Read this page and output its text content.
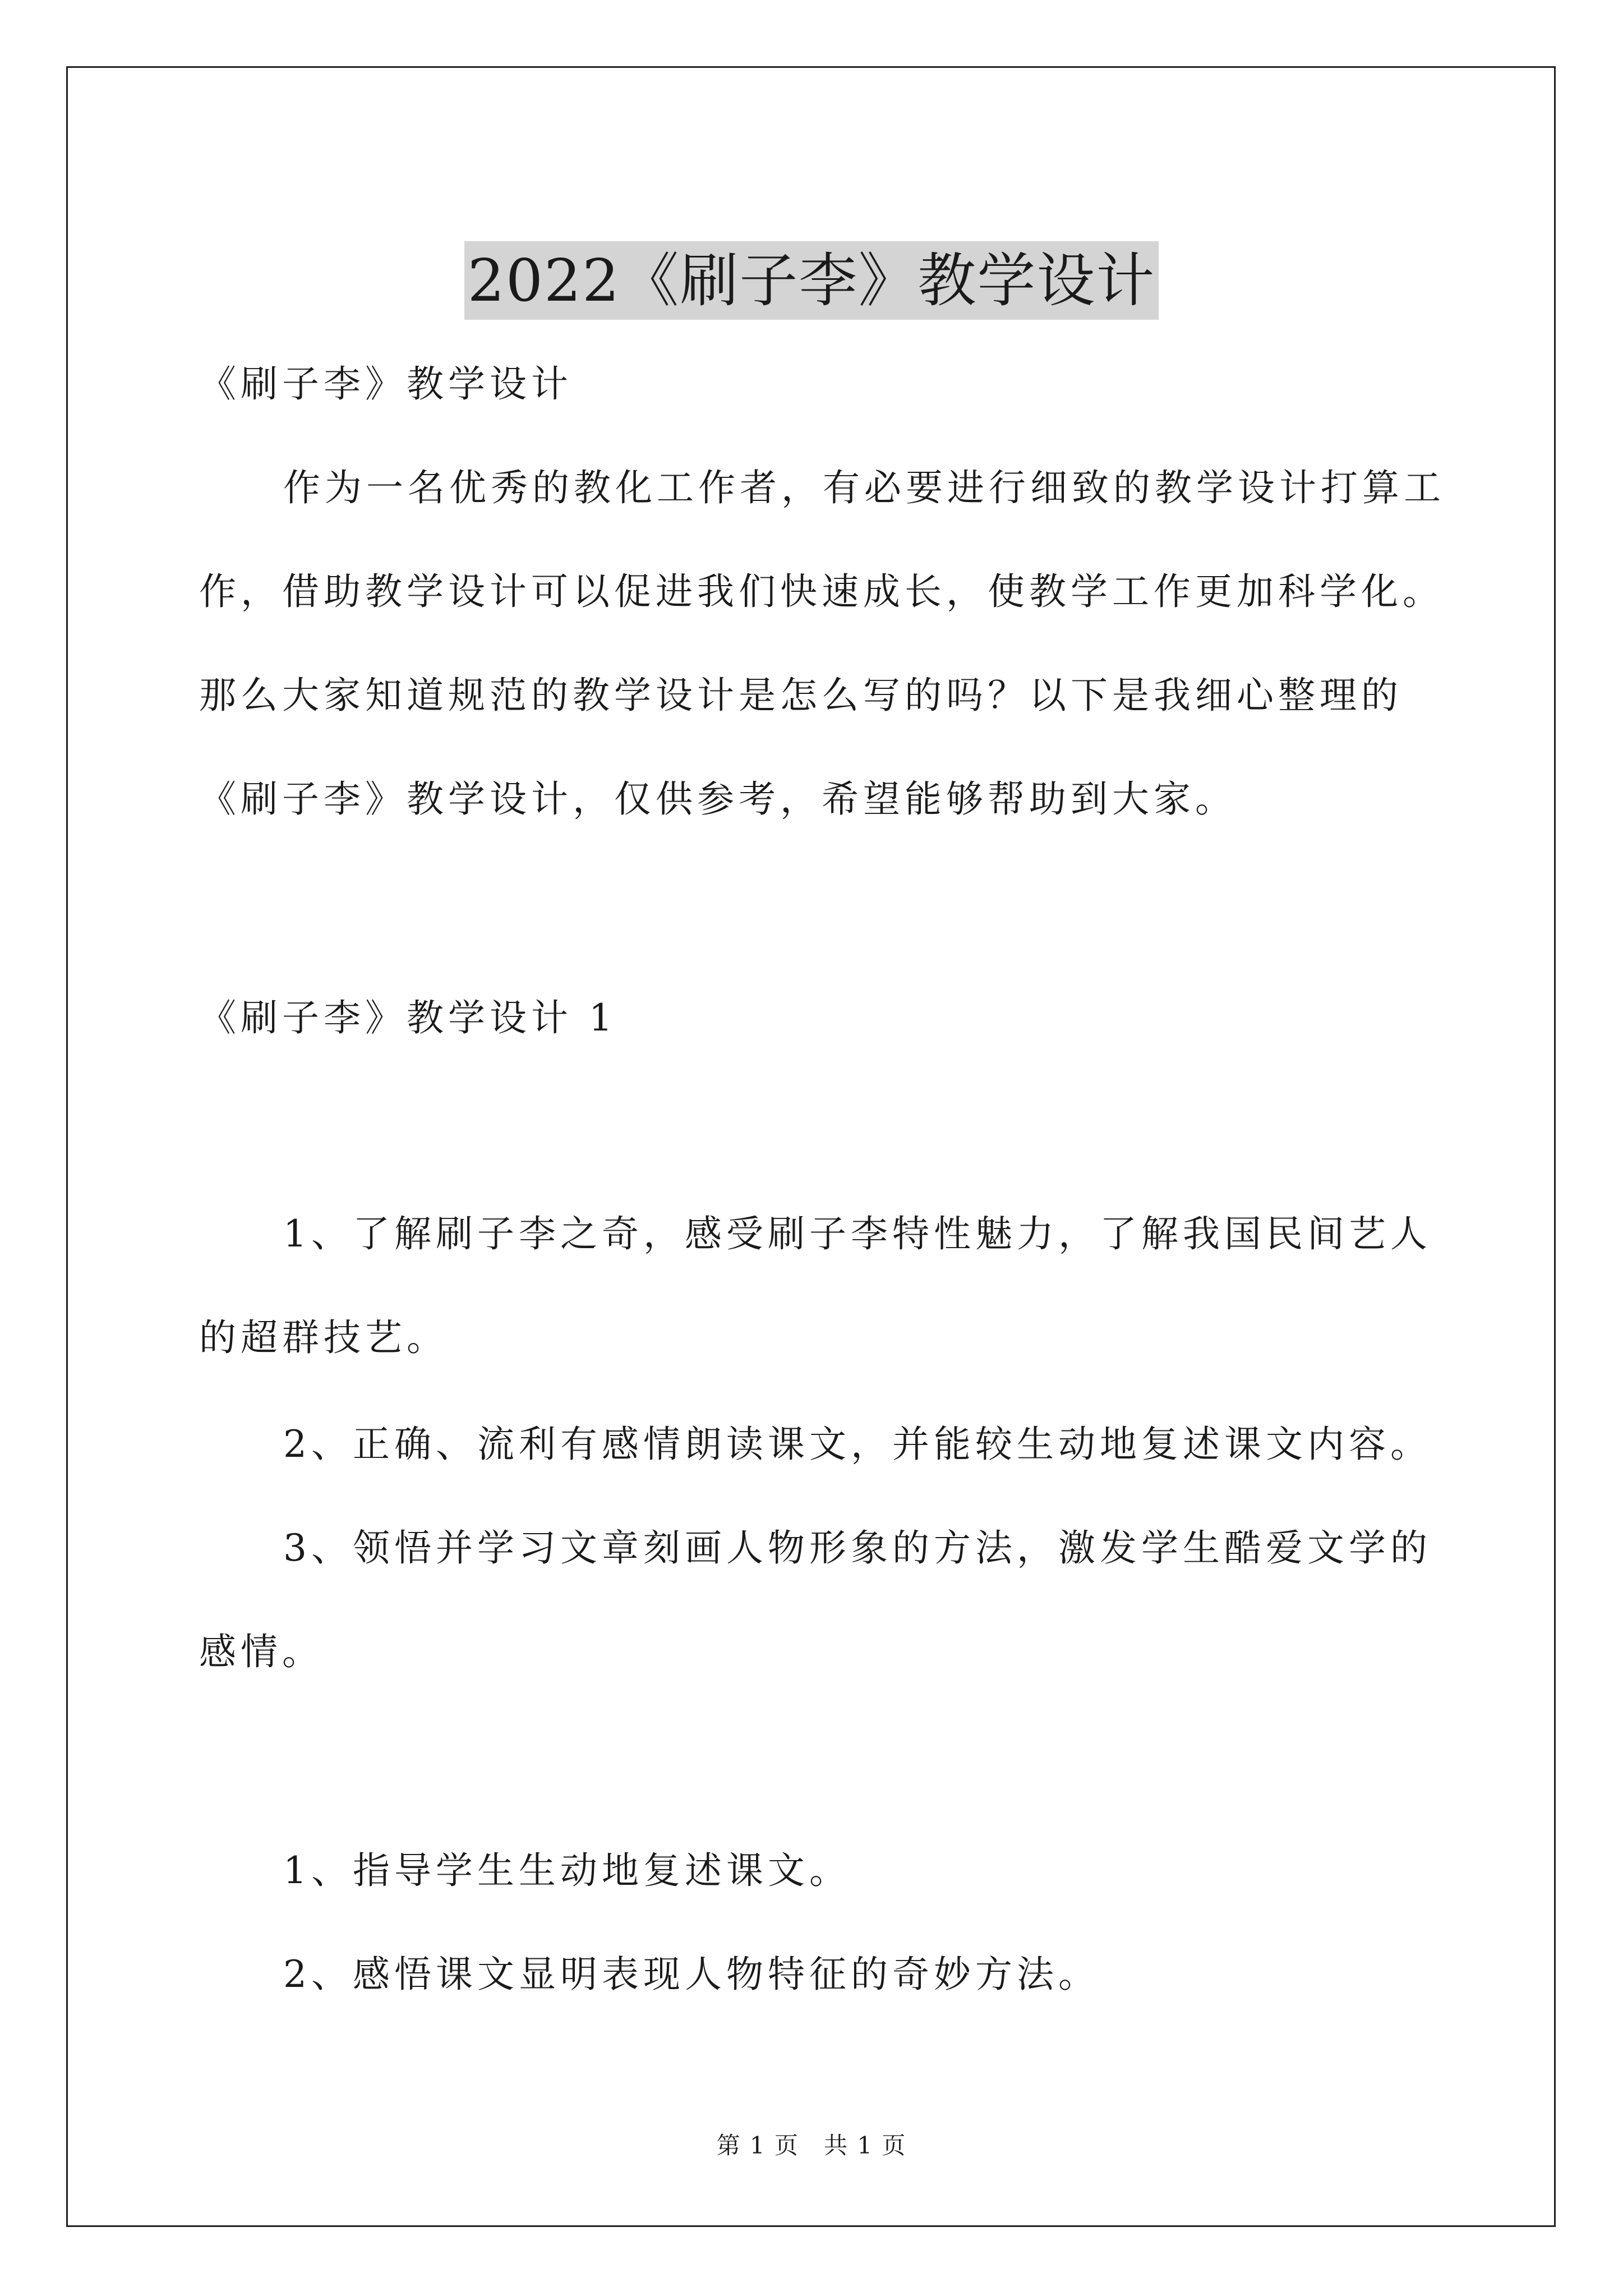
2022《刷子李》教学设计
《刷子李》教学设计
作为一名优秀的教化工作者，有必要进行细致的教学设计打算工
作，借助教学设计可以促进我们快速成长，使教学工作更加科学化。
那么大家知道规范的教学设计是怎么写的吗？以下是我细心整理的
《刷子李》教学设计，仅供参考，希望能够帮助到大家。
《刷子李》教学设计 1
1、了解刷子李之奇，感受刷子李特性魅力，了解我国民间艺人
的超群技艺。
2、正确、流利有感情朗读课文，并能较生动地复述课文内容。
3、领悟并学习文章刻画人物形象的方法，激发学生酷爱文学的
感情。
1、指导学生生动地复述课文。
2、感悟课文显明表现人物特征的奇妙方法。
第 1 页　共 1 页
